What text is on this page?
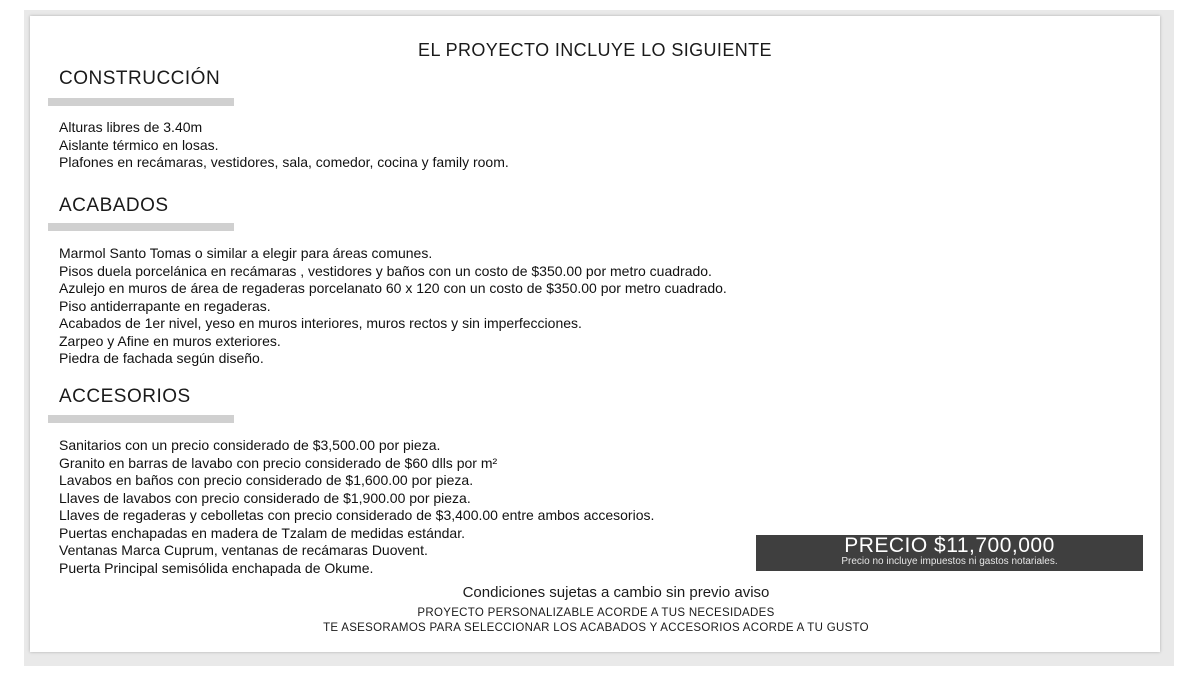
EL PROYECTO INCLUYE LO SIGUIENTE
CONSTRUCCIÓN
Alturas libres de 3.40m
Aislante térmico en losas.
Plafones en recámaras, vestidores, sala, comedor, cocina y family room.
ACABADOS
Marmol Santo Tomas o similar a elegir para áreas comunes.
Pisos duela porcelánica en recámaras , vestidores y baños con un costo de $350.00 por metro cuadrado.
Azulejo en muros de área de regaderas porcelanato 60 x 120 con un costo de $350.00 por metro cuadrado.
Piso antiderrapante en regaderas.
Acabados de 1er nivel, yeso en muros interiores, muros rectos y sin imperfecciones.
Zarpeo y Afine en muros exteriores.
Piedra de fachada según diseño.
ACCESORIOS
Sanitarios con un precio considerado de $3,500.00 por pieza.
Granito en barras de lavabo con precio considerado de $60 dlls por m²
Lavabos en baños con precio considerado de $1,600.00 por pieza.
Llaves de lavabos con precio considerado de $1,900.00 por pieza.
Llaves de regaderas y cebolletas con precio considerado de $3,400.00 entre ambos accesorios.
Puertas enchapadas en madera de Tzalam de medidas estándar.
Ventanas Marca Cuprum, ventanas de recámaras Duovent.
Puerta Principal semisólida enchapada de Okume.
PRECIO $11,700,000
Precio no incluye impuestos ni gastos notariales.
Condiciones sujetas a cambio sin previo aviso
PROYECTO PERSONALIZABLE ACORDE A TUS NECESIDADES
TE ASESORAMOS PARA SELECCIONAR LOS ACABADOS Y ACCESORIOS ACORDE A TU GUSTO
